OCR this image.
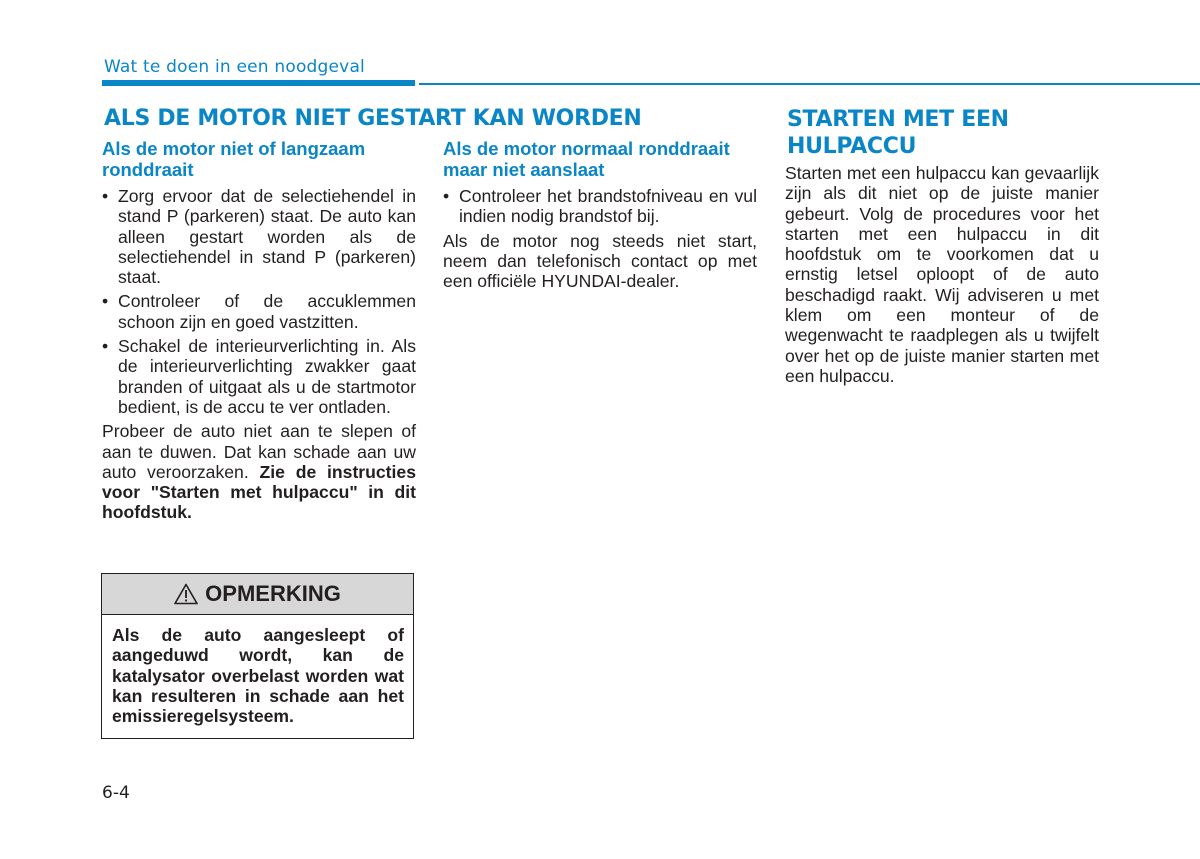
Wat te doen in een noodgeval
ALS DE MOTOR NIET GESTART KAN WORDEN	STARTEN MET EEN HULPACCU
Als de motor niet of langzaam ronddraait
• Zorg ervoor dat de selectiehendel in stand P (parkeren) staat. De auto kan alleen gestart worden als de selectiehendel in stand P (parkeren) staat.
• Controleer of de accuklemmen schoon zijn en goed vastzitten.
• Schakel de interieurverlichting in. Als de interieurverlichting zwakker gaat branden of uitgaat als u de startmotor bedient, is de accu te ver ontladen.

Probeer de auto niet aan te slepen of aan te duwen. Dat kan schade aan uw auto veroorzaken. Zie de instructies voor "Starten met hulpaccu" in dit hoofdstuk.

Als de motor normaal ronddraait maar niet aanslaat
• Controleer het brandstofniveau en vul indien nodig brandstof bij.

Als de motor nog steeds niet start, neem dan telefonisch contact op met een officiële HYUNDAI-dealer.

OPMERKING
Als de auto aangesleept of aangeduwd wordt, kan de katalysator overbelast worden wat kan resulteren in schade aan het emissieregelsysteem.

Starten met een hulpaccu kan gevaarlijk zijn als dit niet op de juiste manier gebeurt. Volg de procedures voor het starten met een hulpaccu in dit hoofdstuk om te voorkomen dat u ernstig letsel oploopt of de auto beschadigd raakt. Wij adviseren u met klem om een monteur of de wegenwacht te raadplegen als u twijfelt over het op de juiste manier starten met een hulpaccu.

6-4
